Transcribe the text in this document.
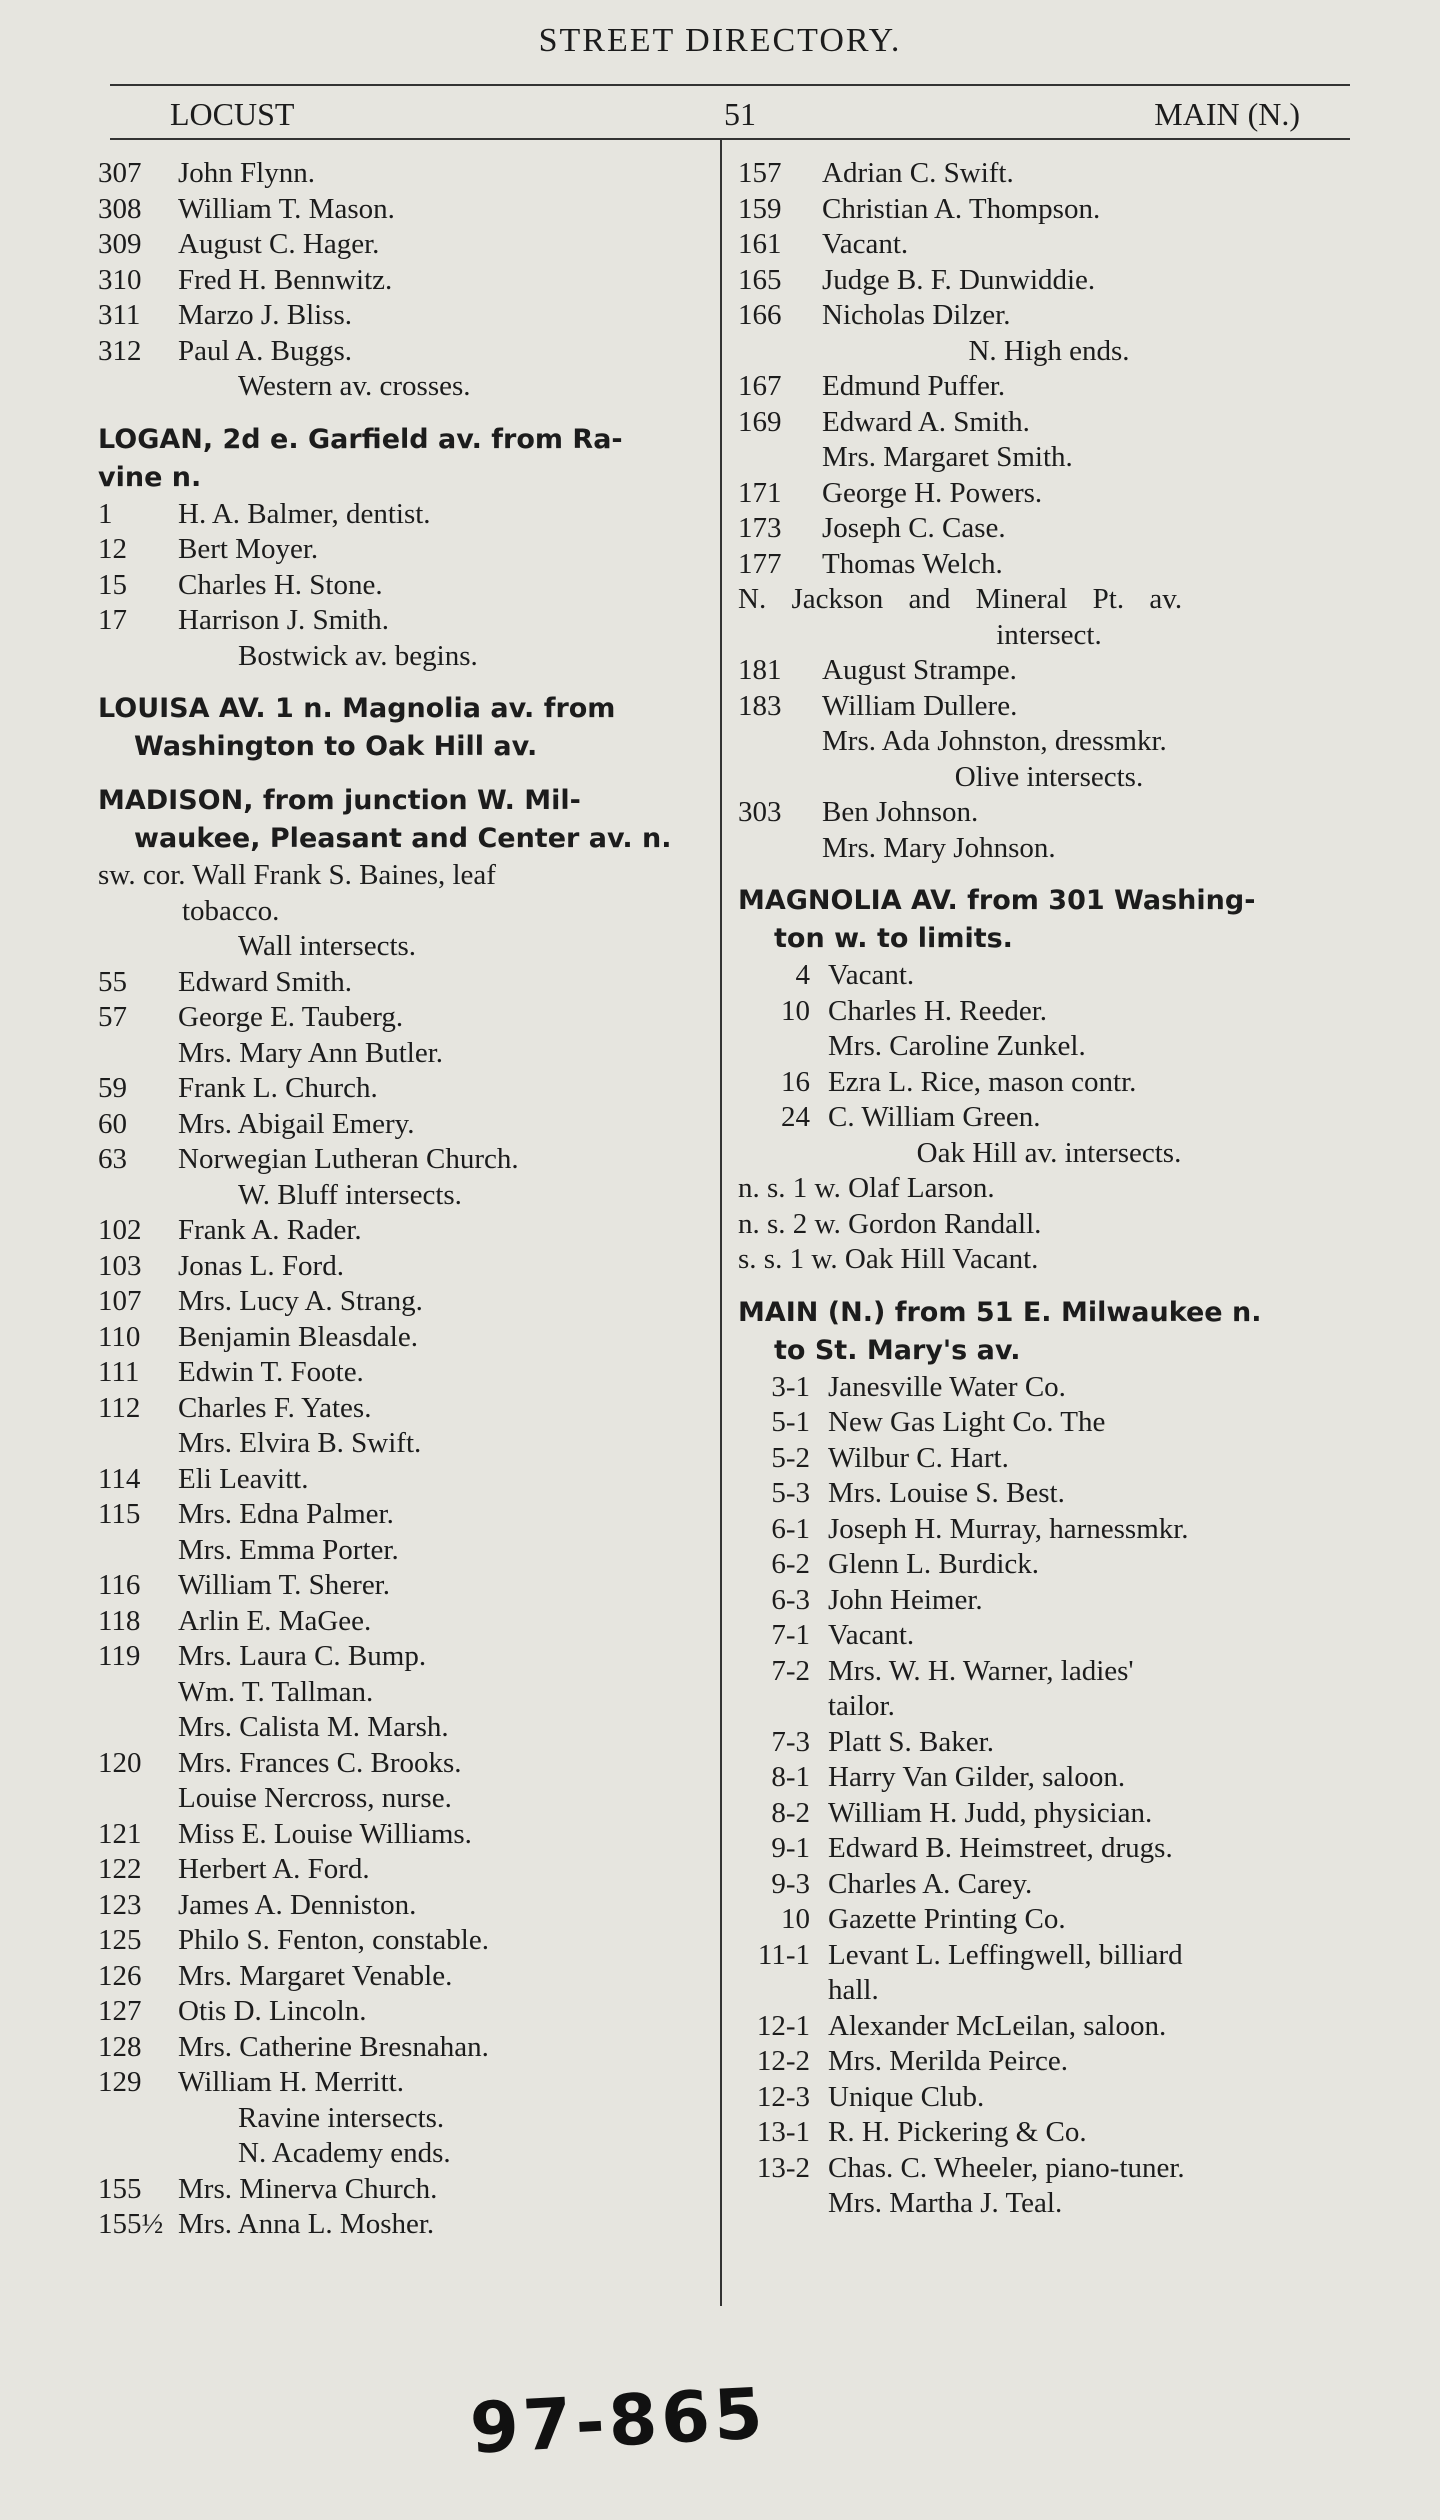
STREET DIRECTORY.
LOCUST	51	MAIN (N.)
307 John Flynn.
308 William T. Mason.
309 August C. Hager.
310 Fred H. Bennwitz.
311 Marzo J. Bliss.
312 Paul A. Buggs.
Western av. crosses.
LOGAN, 2d e. Garfield av. from Ra-
vine n.
1 H. A. Balmer, dentist.
12 Bert Moyer.
15 Charles H. Stone.
17 Harrison J. Smith.
Bostwick av. begins.
LOUISA AV. 1 n. Magnolia av. from
Washington to Oak Hill av.
MADISON, from junction W. Mil-
waukee, Pleasant and Center av. n.
sw. cor. Wall Frank S. Baines, leaf
tobacco.
Wall intersects.
55 Edward Smith.
57 George E. Tauberg.
Mrs. Mary Ann Butler.
59 Frank L. Church.
60 Mrs. Abigail Emery.
63 Norwegian Lutheran Church.
W. Bluff intersects.
102 Frank A. Rader.
103 Jonas L. Ford.
107 Mrs. Lucy A. Strang.
110 Benjamin Bleasdale.
111 Edwin T. Foote.
112 Charles F. Yates.
Mrs. Elvira B. Swift.
114 Eli Leavitt.
115 Mrs. Edna Palmer.
Mrs. Emma Porter.
116 William T. Sherer.
118 Arlin E. MaGee.
119 Mrs. Laura C. Bump.
Wm. T. Tallman.
Mrs. Calista M. Marsh.
120 Mrs. Frances C. Brooks.
Louise Nercross, nurse.
121 Miss E. Louise Williams.
122 Herbert A. Ford.
123 James A. Denniston.
125 Philo S. Fenton, constable.
126 Mrs. Margaret Venable.
127 Otis D. Lincoln.
128 Mrs. Catherine Bresnahan.
129 William H. Merritt.
Ravine intersects.
N. Academy ends.
155 Mrs. Minerva Church.
155½ Mrs. Anna L. Mosher.
157 Adrian C. Swift.
159 Christian A. Thompson.
161 Vacant.
165 Judge B. F. Dunwiddie.
166 Nicholas Dilzer.
N. High ends.
167 Edmund Puffer.
169 Edward A. Smith.
Mrs. Margaret Smith.
171 George H. Powers.
173 Joseph C. Case.
177 Thomas Welch.
N. Jackson and Mineral Pt. av.
intersect.
181 August Strampe.
183 William Dullere.
Mrs. Ada Johnston, dressmkr.
Olive intersects.
303 Ben Johnson.
Mrs. Mary Johnson.
MAGNOLIA AV. from 301 Washing-
ton w. to limits.
4 Vacant.
10 Charles H. Reeder.
Mrs. Caroline Zunkel.
16 Ezra L. Rice, mason contr.
24 C. William Green.
Oak Hill av. intersects.
n. s. 1 w. Olaf Larson.
n. s. 2 w. Gordon Randall.
s. s. 1 w. Oak Hill Vacant.
MAIN (N.) from 51 E. Milwaukee n.
to St. Mary's av.
3-1 Janesville Water Co.
5-1 New Gas Light Co. The
5-2 Wilbur C. Hart.
5-3 Mrs. Louise S. Best.
6-1 Joseph H. Murray, harnessmkr.
6-2 Glenn L. Burdick.
6-3 John Heimer.
7-1 Vacant.
7-2 Mrs. W. H. Warner, ladies'
tailor.
7-3 Platt S. Baker.
8-1 Harry Van Gilder, saloon.
8-2 William H. Judd, physician.
9-1 Edward B. Heimstreet, drugs.
9-3 Charles A. Carey.
10 Gazette Printing Co.
11-1 Levant L. Leffingwell, billiard
hall.
12-1 Alexander McLeilan, saloon.
12-2 Mrs. Merilda Peirce.
12-3 Unique Club.
13-1 R. H. Pickering & Co.
13-2 Chas. C. Wheeler, piano-tuner.
Mrs. Martha J. Teal.
97-865
